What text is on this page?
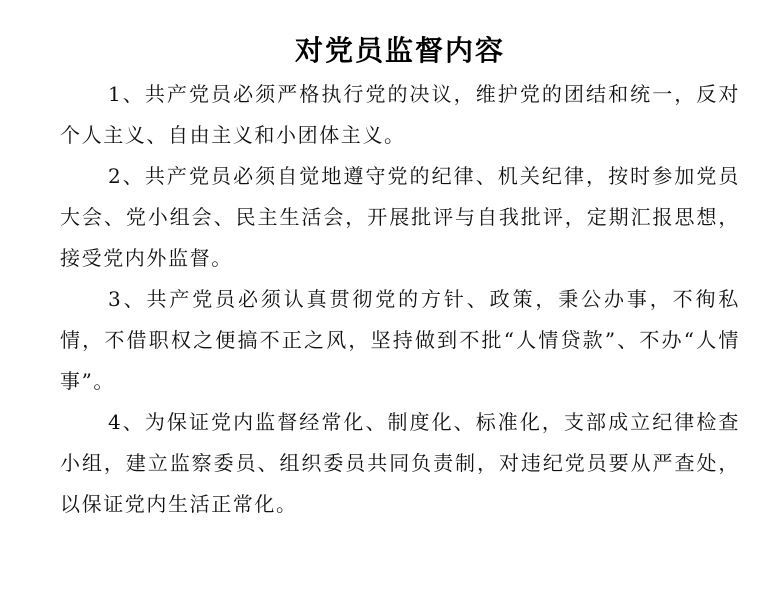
对党员监督内容

1、共产党员必须严格执行党的决议，维护党的团结和统一，反对个人主义、自由主义和小团体主义。

2、共产党员必须自觉地遵守党的纪律、机关纪律，按时参加党员大会、党小组会、民主生活会，开展批评与自我批评，定期汇报思想，接受党内外监督。

3、共产党员必须认真贯彻党的方针、政策，秉公办事，不徇私情，不借职权之便搞不正之风，坚持做到不批“人情贷款”、不办“人情事”。

4、为保证党内监督经常化、制度化、标准化，支部成立纪律检查小组，建立监察委员、组织委员共同负责制，对违纪党员要从严查处，以保证党内生活正常化。
